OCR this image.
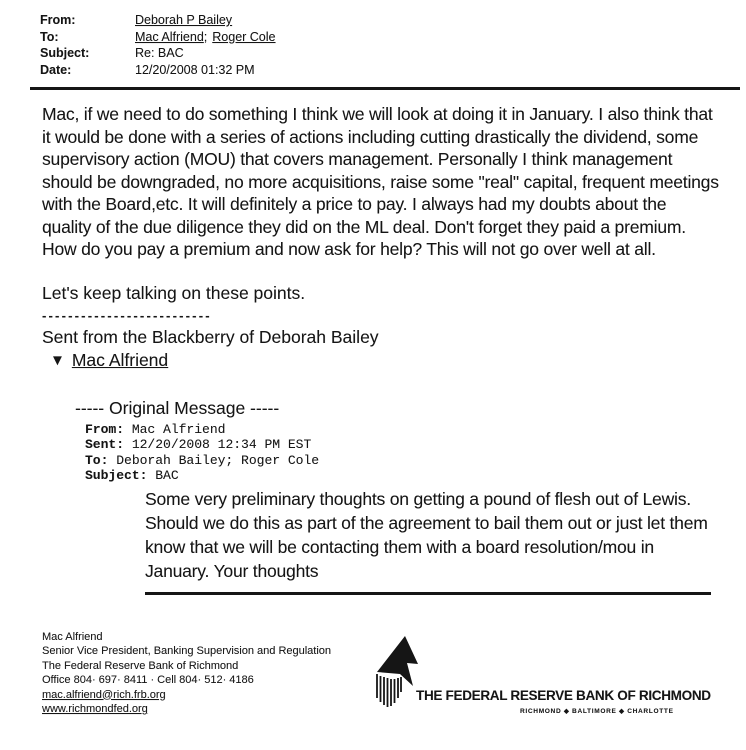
From:	Deborah P Bailey
To:	Mac Alfriend ; Roger Cole
Subject:	Re: BAC
Date:	12/20/2008 01:32 PM
Mac, if we need to do something I think we will look at doing it in January. I also think that it would be done with a series of actions including cutting drastically the dividend, some supervisory action (MOU) that covers management. Personally I think management should be downgraded, no more acquisitions, raise some "real" capital, frequent meetings with the Board,etc. It will definitely a price to pay. I always had my doubts about the quality of the due diligence they did on the ML deal. Don't forget they paid a premium. How do you pay a premium and now ask for help? This will not go over well at all.
Let's keep talking on these points.
--------------------------
Sent from the Blackberry of Deborah Bailey
▼ Mac Alfriend
----- Original Message -----
From: Mac Alfriend
Sent: 12/20/2008 12:34 PM EST
To: Deborah Bailey; Roger Cole
Subject: BAC
Some very preliminary thoughts on getting a pound of flesh out of Lewis. Should we do this as part of the agreement to bail them out or just let them know that we will be contacting them with a board resolution/mou in January. Your thoughts
Mac Alfriend
Senior Vice President, Banking Supervision and Regulation
The Federal Reserve Bank of Richmond
Office 804· 697· 8411 · Cell 804· 512· 4186
mac.alfriend@rich.frb.org
www.richmondfed.org
THE FEDERAL RESERVE BANK OF RICHMOND
RICHMOND ◆ BALTIMORE ◆ CHARLOTTE
